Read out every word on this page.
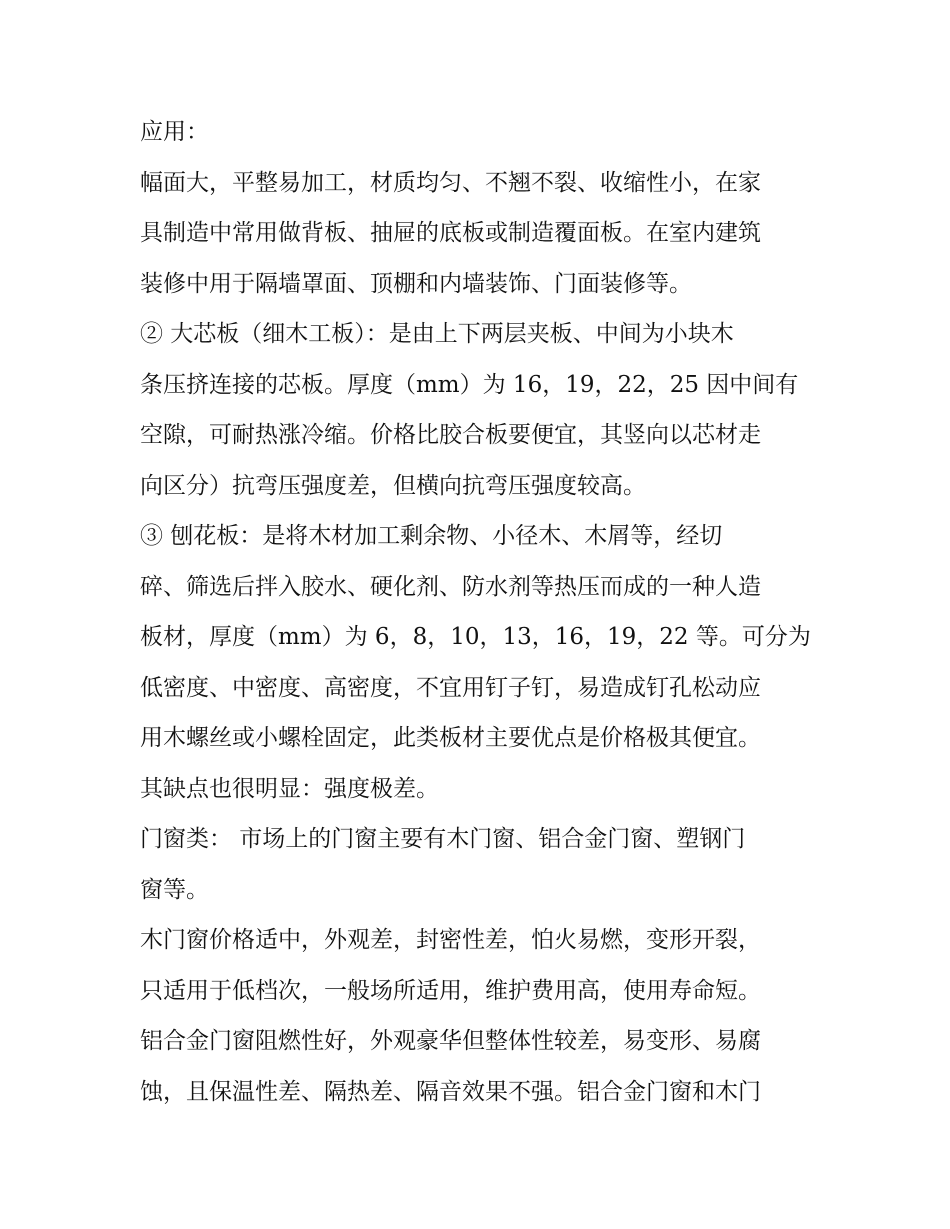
应用：
幅面大，平整易加工，材质均匀、不翘不裂、收缩性小，在家
具制造中常用做背板、抽屉的底板或制造覆面板。在室内建筑
装修中用于隔墙罩面、顶棚和内墙装饰、门面装修等。
② 大芯板（细木工板）：是由上下两层夹板、中间为小块木
条压挤连接的芯板。厚度（mm）为 16，19，22，25 因中间有
空隙，可耐热涨冷缩。价格比胶合板要便宜，其竖向以芯材走
向区分）抗弯压强度差，但横向抗弯压强度较高。
③ 刨花板：是将木材加工剩余物、小径木、木屑等，经切
碎、筛选后拌入胶水、硬化剂、防水剂等热压而成的一种人造
板材，厚度（mm）为 6，8，10，13，16，19，22 等。可分为
低密度、中密度、高密度，不宜用钉子钉，易造成钉孔松动应
用木螺丝或小螺栓固定，此类板材主要优点是价格极其便宜。
其缺点也很明显：强度极差。
门窗类： 市场上的门窗主要有木门窗、铝合金门窗、塑钢门
窗等。
木门窗价格适中，外观差，封密性差，怕火易燃，变形开裂，
只适用于低档次，一般场所适用，维护费用高，使用寿命短。
铝合金门窗阻燃性好，外观豪华但整体性较差，易变形、易腐
蚀，且保温性差、隔热差、隔音效果不强。铝合金门窗和木门
